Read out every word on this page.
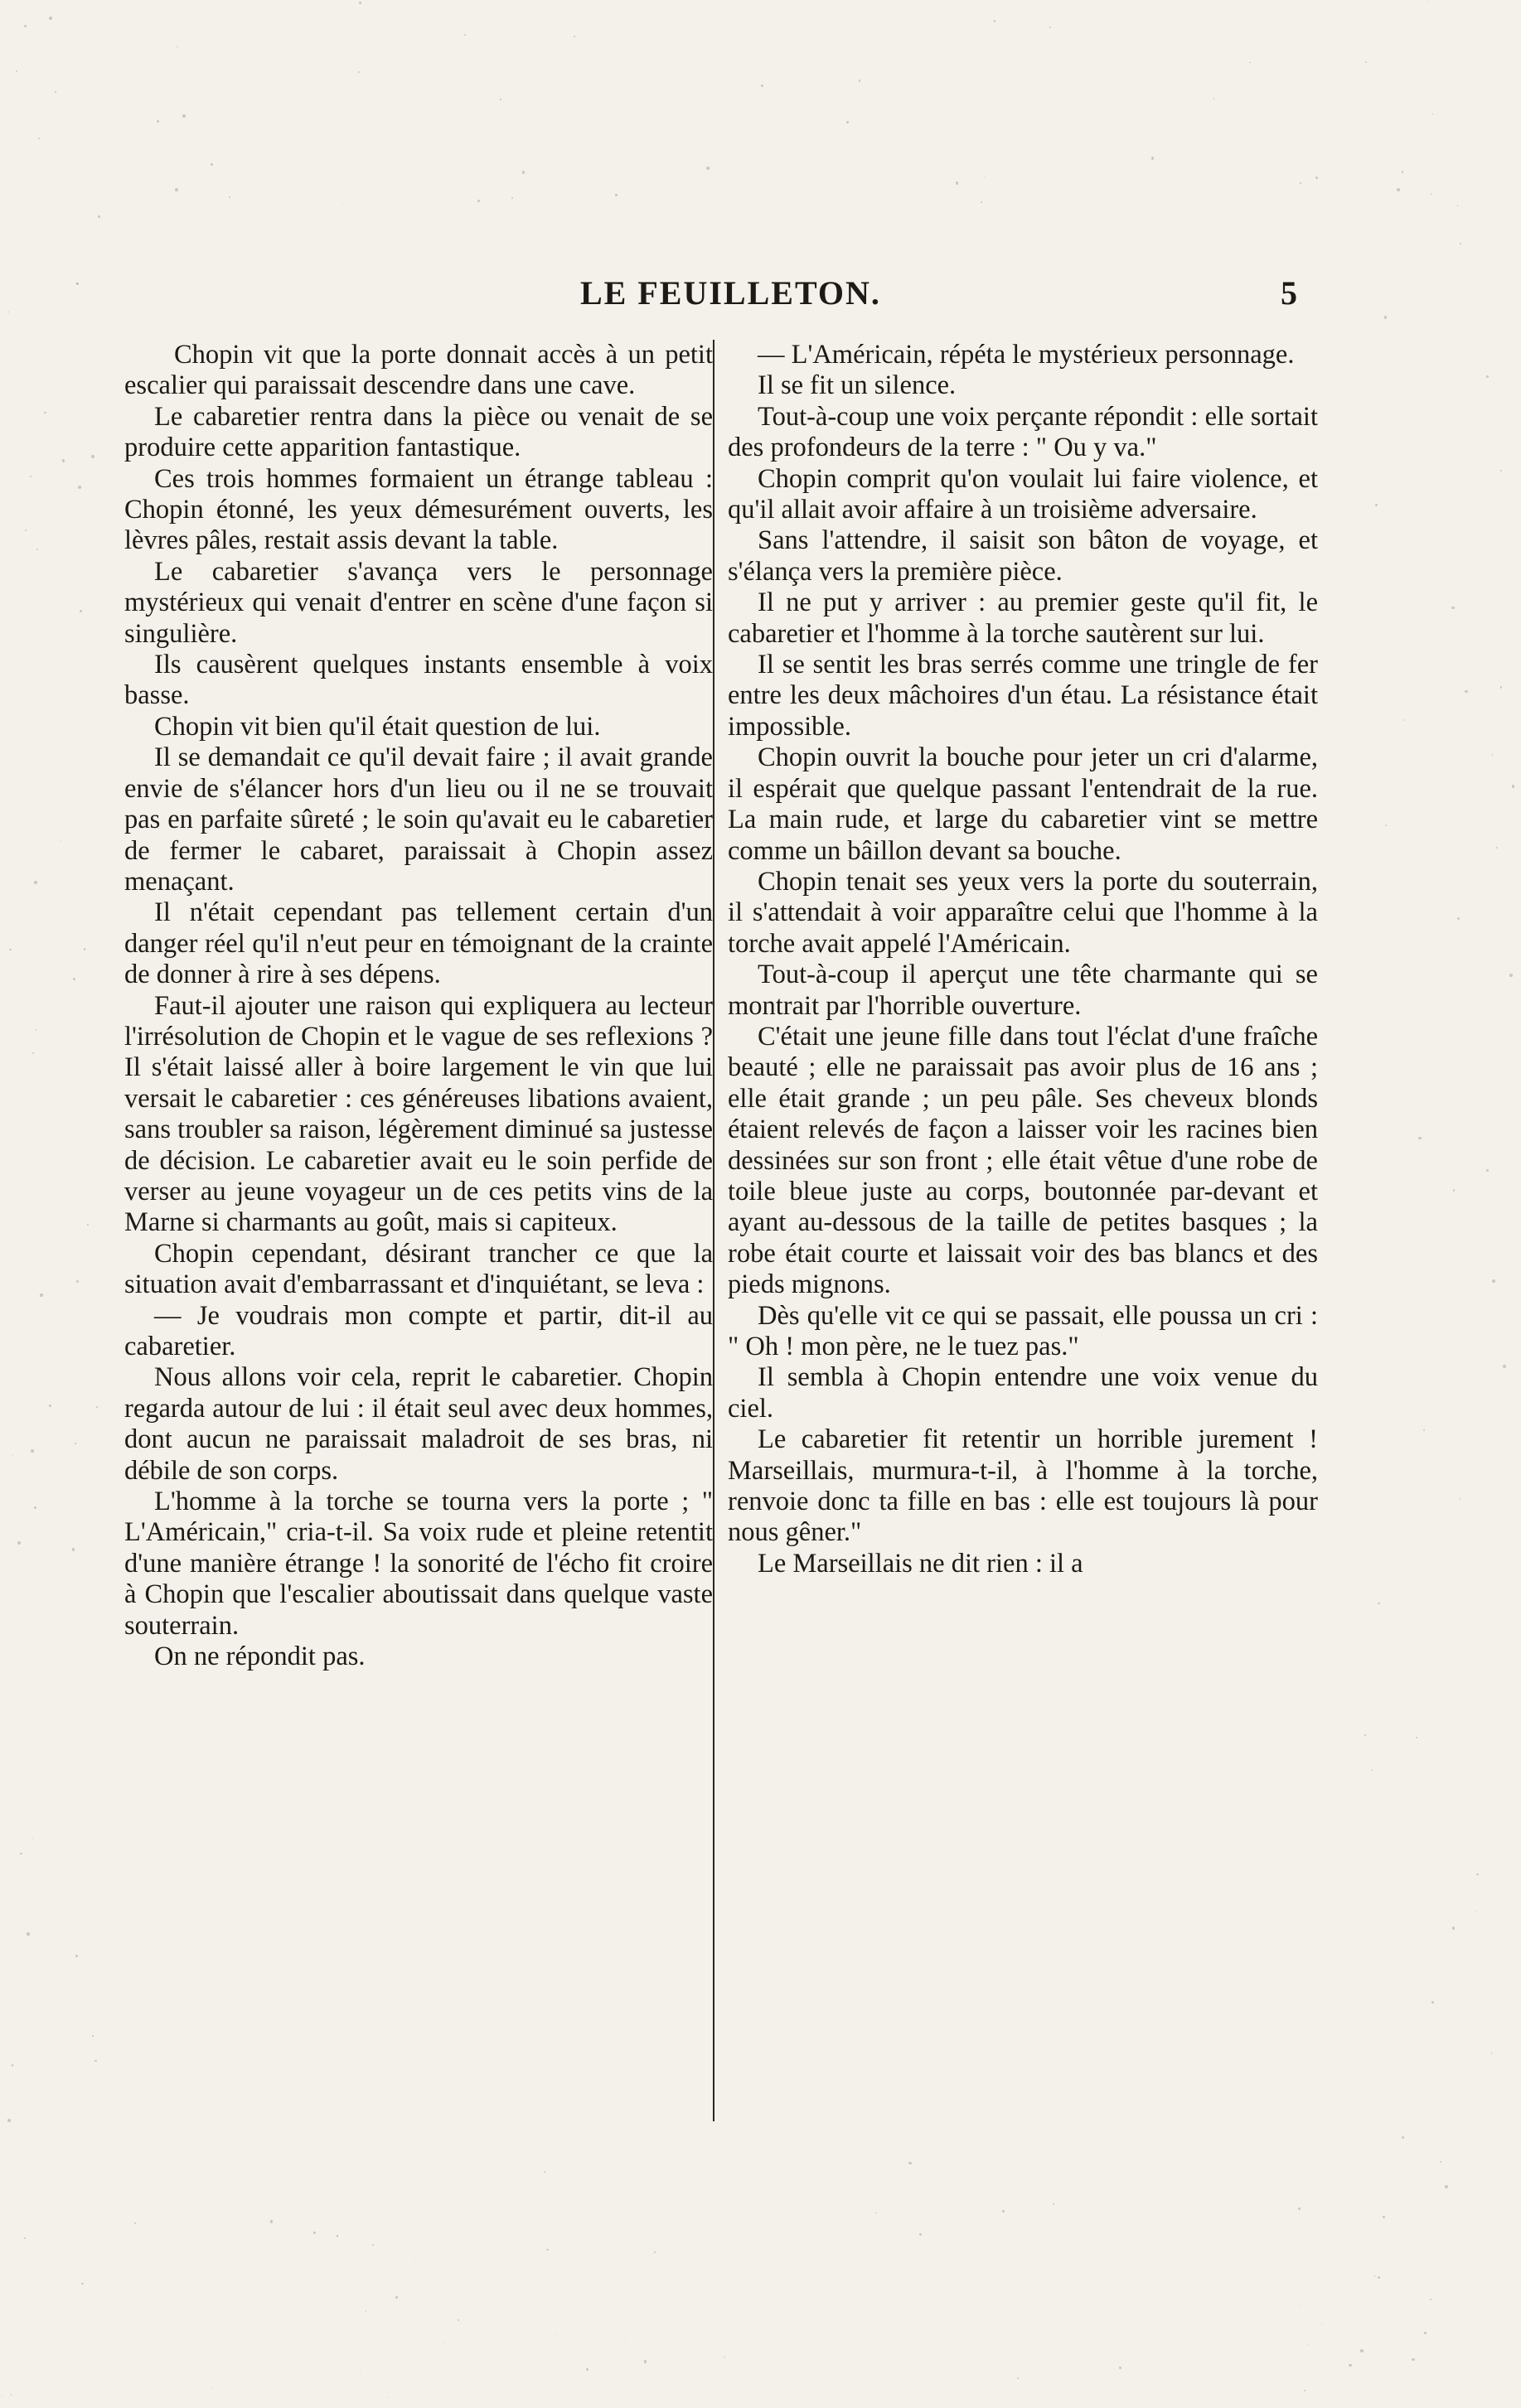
LE FEUILLETON.	5

Chopin vit que la porte donnait accès à un petit escalier qui paraissait descendre dans une cave.

Le cabaretier rentra dans la pièce ou venait de se produire cette apparition fantastique.

Ces trois hommes formaient un étrange tableau : Chopin étonné, les yeux démesurément ouverts, les lèvres pâles, restait assis devant la table.

Le cabaretier s'avança vers le personnage mystérieux qui venait d'entrer en scène d'une façon si singulière.

Ils causèrent quelques instants ensemble à voix basse.

Chopin vit bien qu'il était question de lui.

Il se demandait ce qu'il devait faire ; il avait grande envie de s'élancer hors d'un lieu ou il ne se trouvait pas en parfaite sûreté ; le soin qu'avait eu le cabaretier de fermer le cabaret, paraissait à Chopin assez menaçant.

Il n'était cependant pas tellement certain d'un danger réel qu'il n'eut peur en témoignant de la crainte de donner à rire à ses dépens.

Faut-il ajouter une raison qui expliquera au lecteur l'irrésolution de Chopin et le vague de ses reflexions ? Il s'était laissé aller à boire largement le vin que lui versait le cabaretier : ces généreuses libations avaient, sans troubler sa raison, légèrement diminué sa justesse de décision. Le cabaretier avait eu le soin perfide de verser au jeune voyageur un de ces petits vins de la Marne si charmants au goût, mais si capiteux.

Chopin cependant, désirant trancher ce que la situation avait d'embarrassant et d'inquiétant, se leva :

— Je voudrais mon compte et partir, dit-il au cabaretier.

Nous allons voir cela, reprit le cabaretier. Chopin regarda autour de lui : il était seul avec deux hommes, dont aucun ne paraissait maladroit de ses bras, ni débile de son corps.

L'homme à la torche se tourna vers la porte ; " L'Américain," cria-t-il. Sa voix rude et pleine retentit d'une manière étrange ! la sonorité de l'écho fit croire à Chopin que l'escalier aboutissait dans quelque vaste souterrain.

On ne répondit pas.

— L'Américain, répéta le mystérieux personnage.

Il se fit un silence.

Tout-à-coup une voix perçante répondit : elle sortait des profondeurs de la terre : " Ou y va."

Chopin comprit qu'on voulait lui faire violence, et qu'il allait avoir affaire à un troisième adversaire.

Sans l'attendre, il saisit son bâton de voyage, et s'élança vers la première pièce.

Il ne put y arriver : au premier geste qu'il fit, le cabaretier et l'homme à la torche sautèrent sur lui.

Il se sentit les bras serrés comme une tringle de fer entre les deux mâchoires d'un étau. La résistance était impossible.

Chopin ouvrit la bouche pour jeter un cri d'alarme, il espérait que quelque passant l'entendrait de la rue. La main rude, et large du cabaretier vint se mettre comme un bâillon devant sa bouche.

Chopin tenait ses yeux vers la porte du souterrain, il s'attendait à voir apparaître celui que l'homme à la torche avait appelé l'Américain.

Tout-à-coup il aperçut une tête charmante qui se montrait par l'horrible ouverture.

C'était une jeune fille dans tout l'éclat d'une fraîche beauté ; elle ne paraissait pas avoir plus de 16 ans ; elle était grande ; un peu pâle. Ses cheveux blonds étaient relevés de façon a laisser voir les racines bien dessinées sur son front ; elle était vêtue d'une robe de toile bleue juste au corps, boutonnée par-devant et ayant au-dessous de la taille de petites basques ; la robe était courte et laissait voir des bas blancs et des pieds mignons.

Dès qu'elle vit ce qui se passait, elle poussa un cri : " Oh ! mon père, ne le tuez pas."

Il sembla à Chopin entendre une voix venue du ciel.

Le cabaretier fit retentir un horrible jurement ! Marseillais, murmura-t-il, à l'homme à la torche, renvoie donc ta fille en bas : elle est toujours là pour nous gêner."

Le Marseillais ne dit rien : il a
